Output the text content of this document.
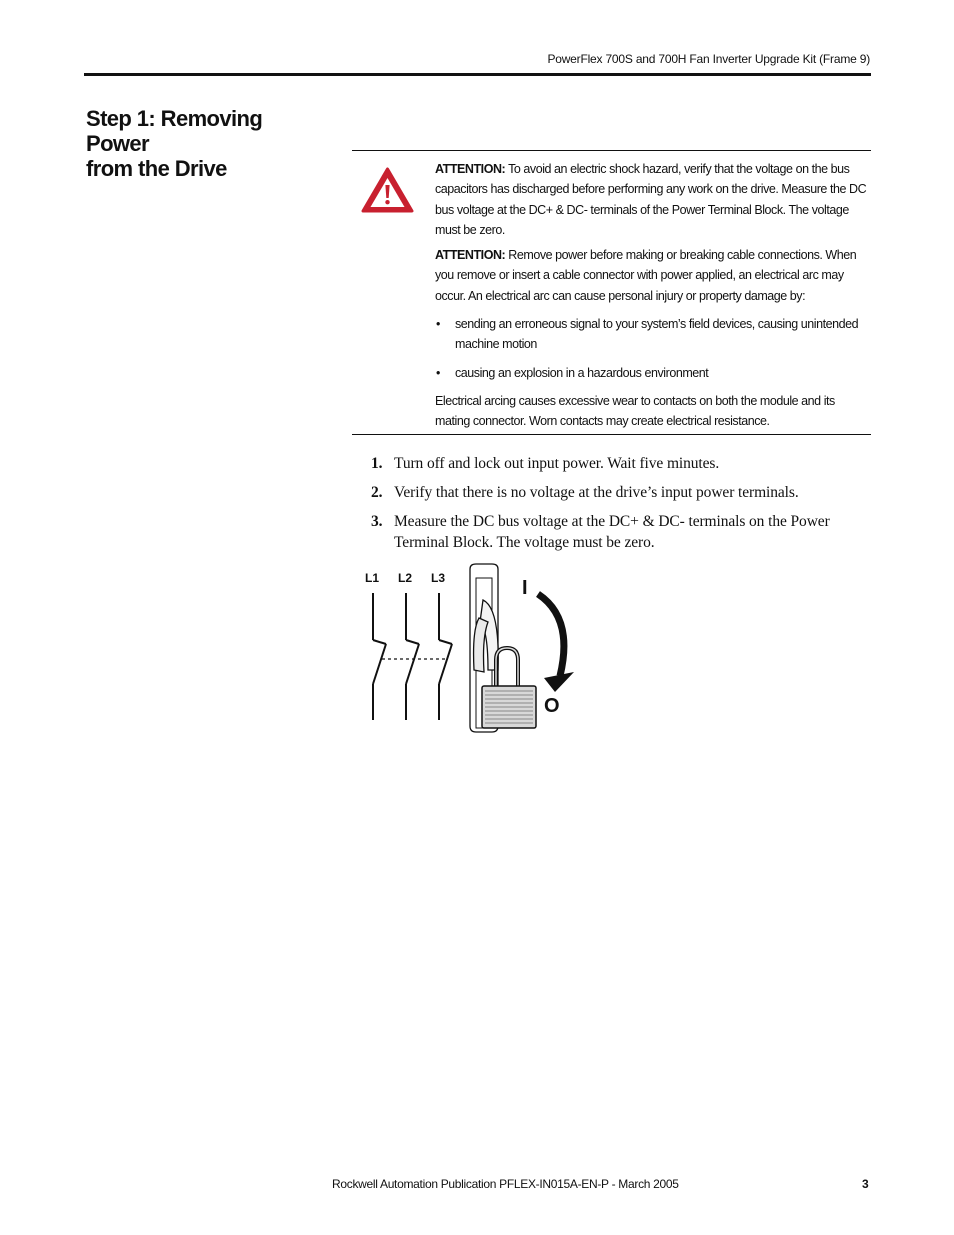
PowerFlex 700S and 700H Fan Inverter Upgrade Kit (Frame 9)
Step 1: Removing Power
from the Drive	ATTENTION: To avoid an electric shock hazard, verify that the voltage on the bus capacitors has discharged before performing any work on the drive. Measure the DC bus voltage at the DC+ & DC- terminals of the Power Terminal Block. The voltage must be zero.

ATTENTION: Remove power before making or breaking cable connections. When you remove or insert a cable connector with power applied, an electrical arc may occur. An electrical arc can cause personal injury or property damage by:

• sending an erroneous signal to your system’s field devices, causing unintended machine motion
• causing an explosion in a hazardous environment

Electrical arcing causes excessive wear to contacts on both the module and its mating connector. Worn contacts may create electrical resistance.

1. Turn off and lock out input power. Wait five minutes.
2. Verify that there is no voltage at the drive’s input power terminals.
3. Measure the DC bus voltage at the DC+ & DC- terminals on the Power Terminal Block. The voltage must be zero.
L1 L2 L3	I
O
Rockwell Automation Publication PFLEX-IN015A-EN-P - March 2005	3
